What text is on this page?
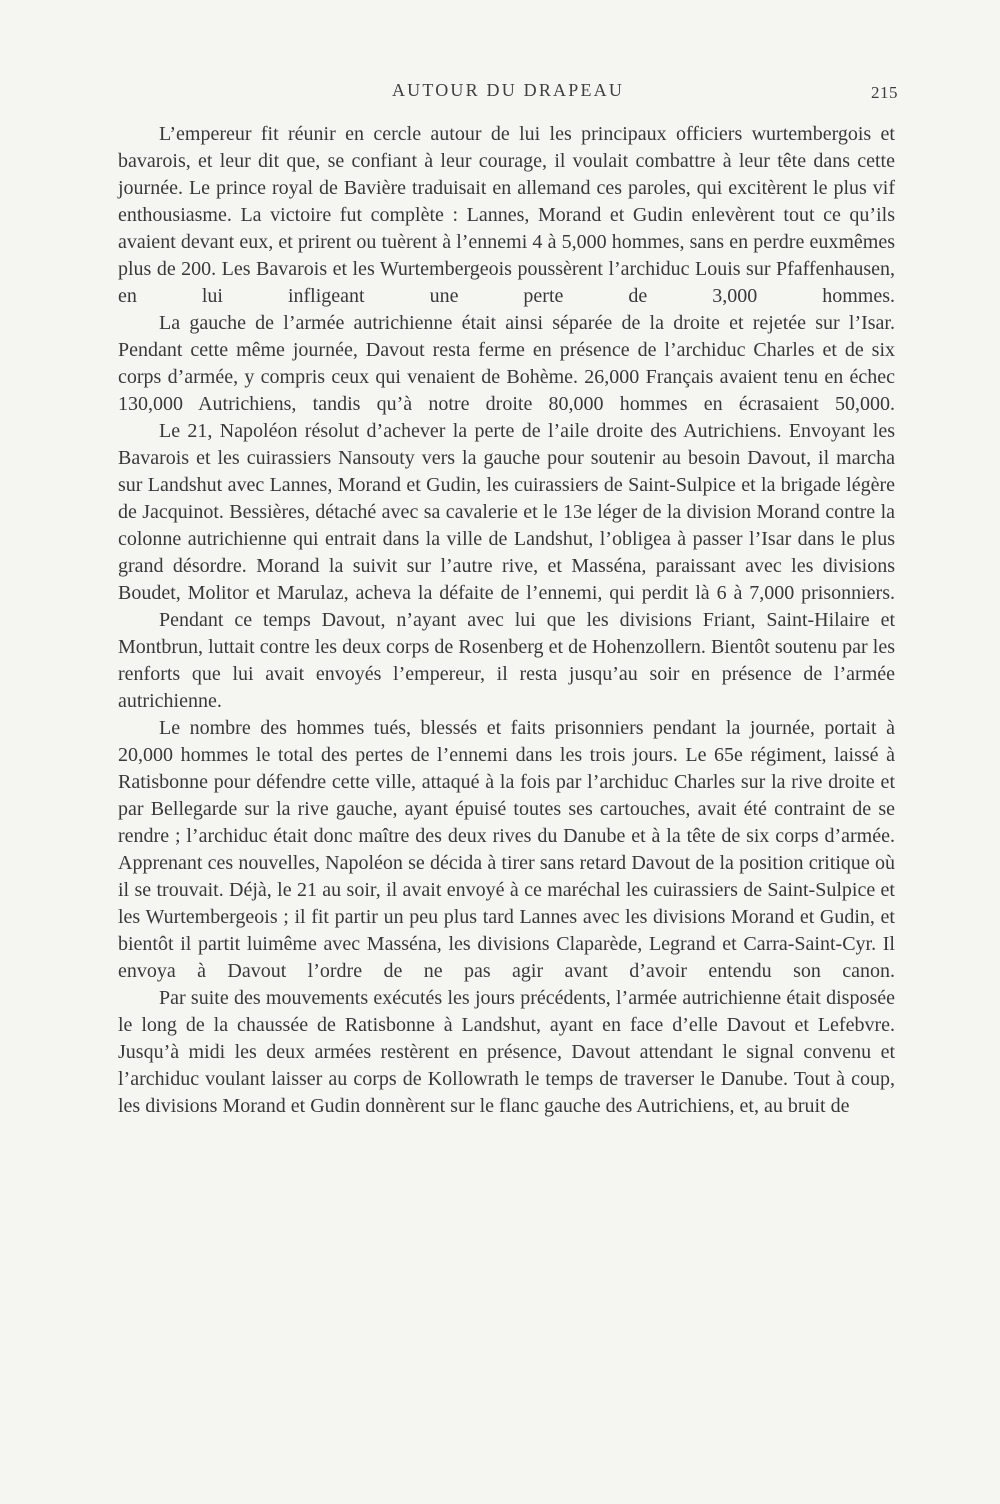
AUTOUR DU DRAPEAU	215

L’empereur fit réunir en cercle autour de lui les principaux officiers wurtembergois et bavarois, et leur dit que, se confiant à leur courage, il voulait combattre à leur tête dans cette journée. Le prince royal de Bavière traduisait en allemand ces paroles, qui excitèrent le plus vif enthousiasme. La victoire fut complète : Lannes, Morand et Gudin enlevèrent tout ce qu’ils avaient devant eux, et prirent ou tuèrent à l’ennemi 4 à 5,000 hommes, sans en perdre euxmêmes plus de 200. Les Bavarois et les Wurtembergeois poussèrent l’archiduc Louis sur Pfaffenhausen, en lui infligeant une perte de 3,000 hommes.

La gauche de l’armée autrichienne était ainsi séparée de la droite et rejetée sur l’Isar. Pendant cette même journée, Davout resta ferme en présence de l’archiduc Charles et de six corps d’armée, y compris ceux qui venaient de Bohème. 26,000 Français avaient tenu en échec 130,000 Autrichiens, tandis qu’à notre droite 80,000 hommes en écrasaient 50,000.

Le 21, Napoléon résolut d’achever la perte de l’aile droite des Autrichiens. Envoyant les Bavarois et les cuirassiers Nansouty vers la gauche pour soutenir au besoin Davout, il marcha sur Landshut avec Lannes, Morand et Gudin, les cuirassiers de Saint-Sulpice et la brigade légère de Jacquinot. Bessières, détaché avec sa cavalerie et le 13e léger de la division Morand contre la colonne autrichienne qui entrait dans la ville de Landshut, l’obligea à passer l’Isar dans le plus grand désordre. Morand la suivit sur l’autre rive, et Masséna, paraissant avec les divisions Boudet, Molitor et Marulaz, acheva la défaite de l’ennemi, qui perdit là 6 à 7,000 prisonniers.

Pendant ce temps Davout, n’ayant avec lui que les divisions Friant, Saint-Hilaire et Montbrun, luttait contre les deux corps de Rosenberg et de Hohenzollern. Bientôt soutenu par les renforts que lui avait envoyés l’empereur, il resta jusqu’au soir en présence de l’armée autrichienne.

Le nombre des hommes tués, blessés et faits prisonniers pendant la journée, portait à 20,000 hommes le total des pertes de l’ennemi dans les trois jours. Le 65e régiment, laissé à Ratisbonne pour défendre cette ville, attaqué à la fois par l’archiduc Charles sur la rive droite et par Bellegarde sur la rive gauche, ayant épuisé toutes ses cartouches, avait été contraint de se rendre ; l’archiduc était donc maître des deux rives du Danube et à la tête de six corps d’armée. Apprenant ces nouvelles, Napoléon se décida à tirer sans retard Davout de la position critique où il se trouvait. Déjà, le 21 au soir, il avait envoyé à ce maréchal les cuirassiers de Saint-Sulpice et les Wurtembergeois ; il fit partir un peu plus tard Lannes avec les divisions Morand et Gudin, et bientôt il partit luimême avec Masséna, les divisions Claparède, Legrand et Carra-Saint-Cyr. Il envoya à Davout l’ordre de ne pas agir avant d’avoir entendu son canon.

Par suite des mouvements exécutés les jours précédents, l’armée autrichienne était disposée le long de la chaussée de Ratisbonne à Landshut, ayant en face d’elle Davout et Lefebvre. Jusqu’à midi les deux armées restèrent en présence, Davout attendant le signal convenu et l’archiduc voulant laisser au corps de Kollowrath le temps de traverser le Danube. Tout à coup, les divisions Morand et Gudin donnèrent sur le flanc gauche des Autrichiens, et, au bruit de
